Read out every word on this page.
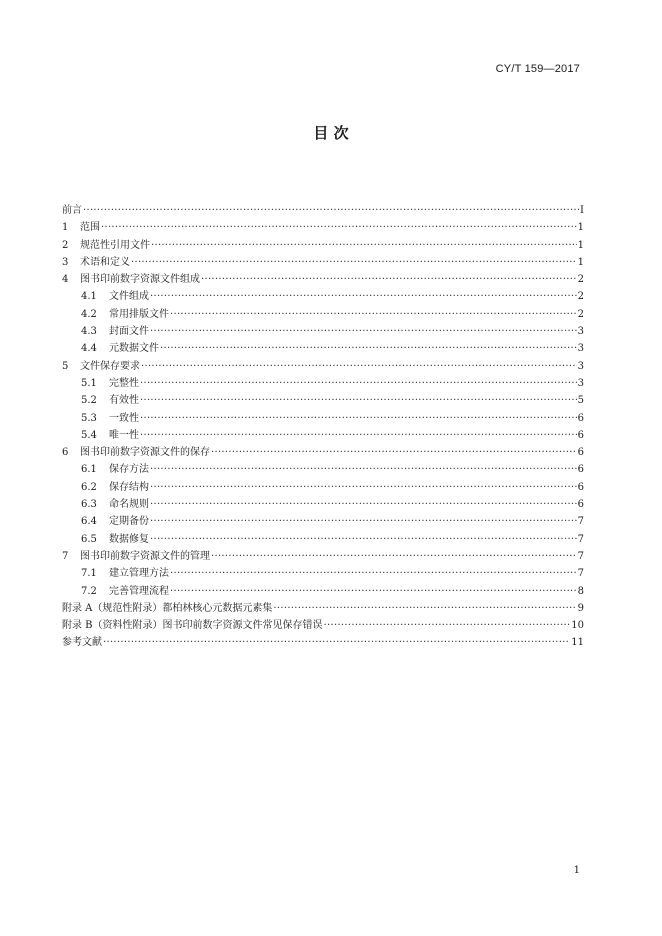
CY/T 159—2017
目 次
前言 ·····	I
1	范围 ·····	1
2	规范性引用文件 ·····	1
3	术语和定义 ·····	1
4	图书印前数字资源文件组成 ·····	2
4.1	文件组成 ·····	2
4.2	常用排版文件 ·····	2
4.3	封面文件 ·····	3
4.4	元数据文件 ·····	3
5	文件保存要求 ·····	3
5.1	完整性 ·····	3
5.2	有效性 ·····	5
5.3	一致性 ·····	6
5.4	唯一性 ·····	6
6	图书印前数字资源文件的保存 ·····	6
6.1	保存方法 ·····	6
6.2	保存结构 ·····	6
6.3	命名规则 ·····	6
6.4	定期备份 ·····	7
6.5	数据修复 ·····	7
7	图书印前数字资源文件的管理 ·····	7
7.1	建立管理方法 ·····	7
7.2	完善管理流程 ·····	8
附录 A（规范性附录）都柏林核心元数据元素集 ·····	9
附录 B（资料性附录）图书印前数字资源文件常见保存错误 ·····	10
参考文献 ·····	11
1
